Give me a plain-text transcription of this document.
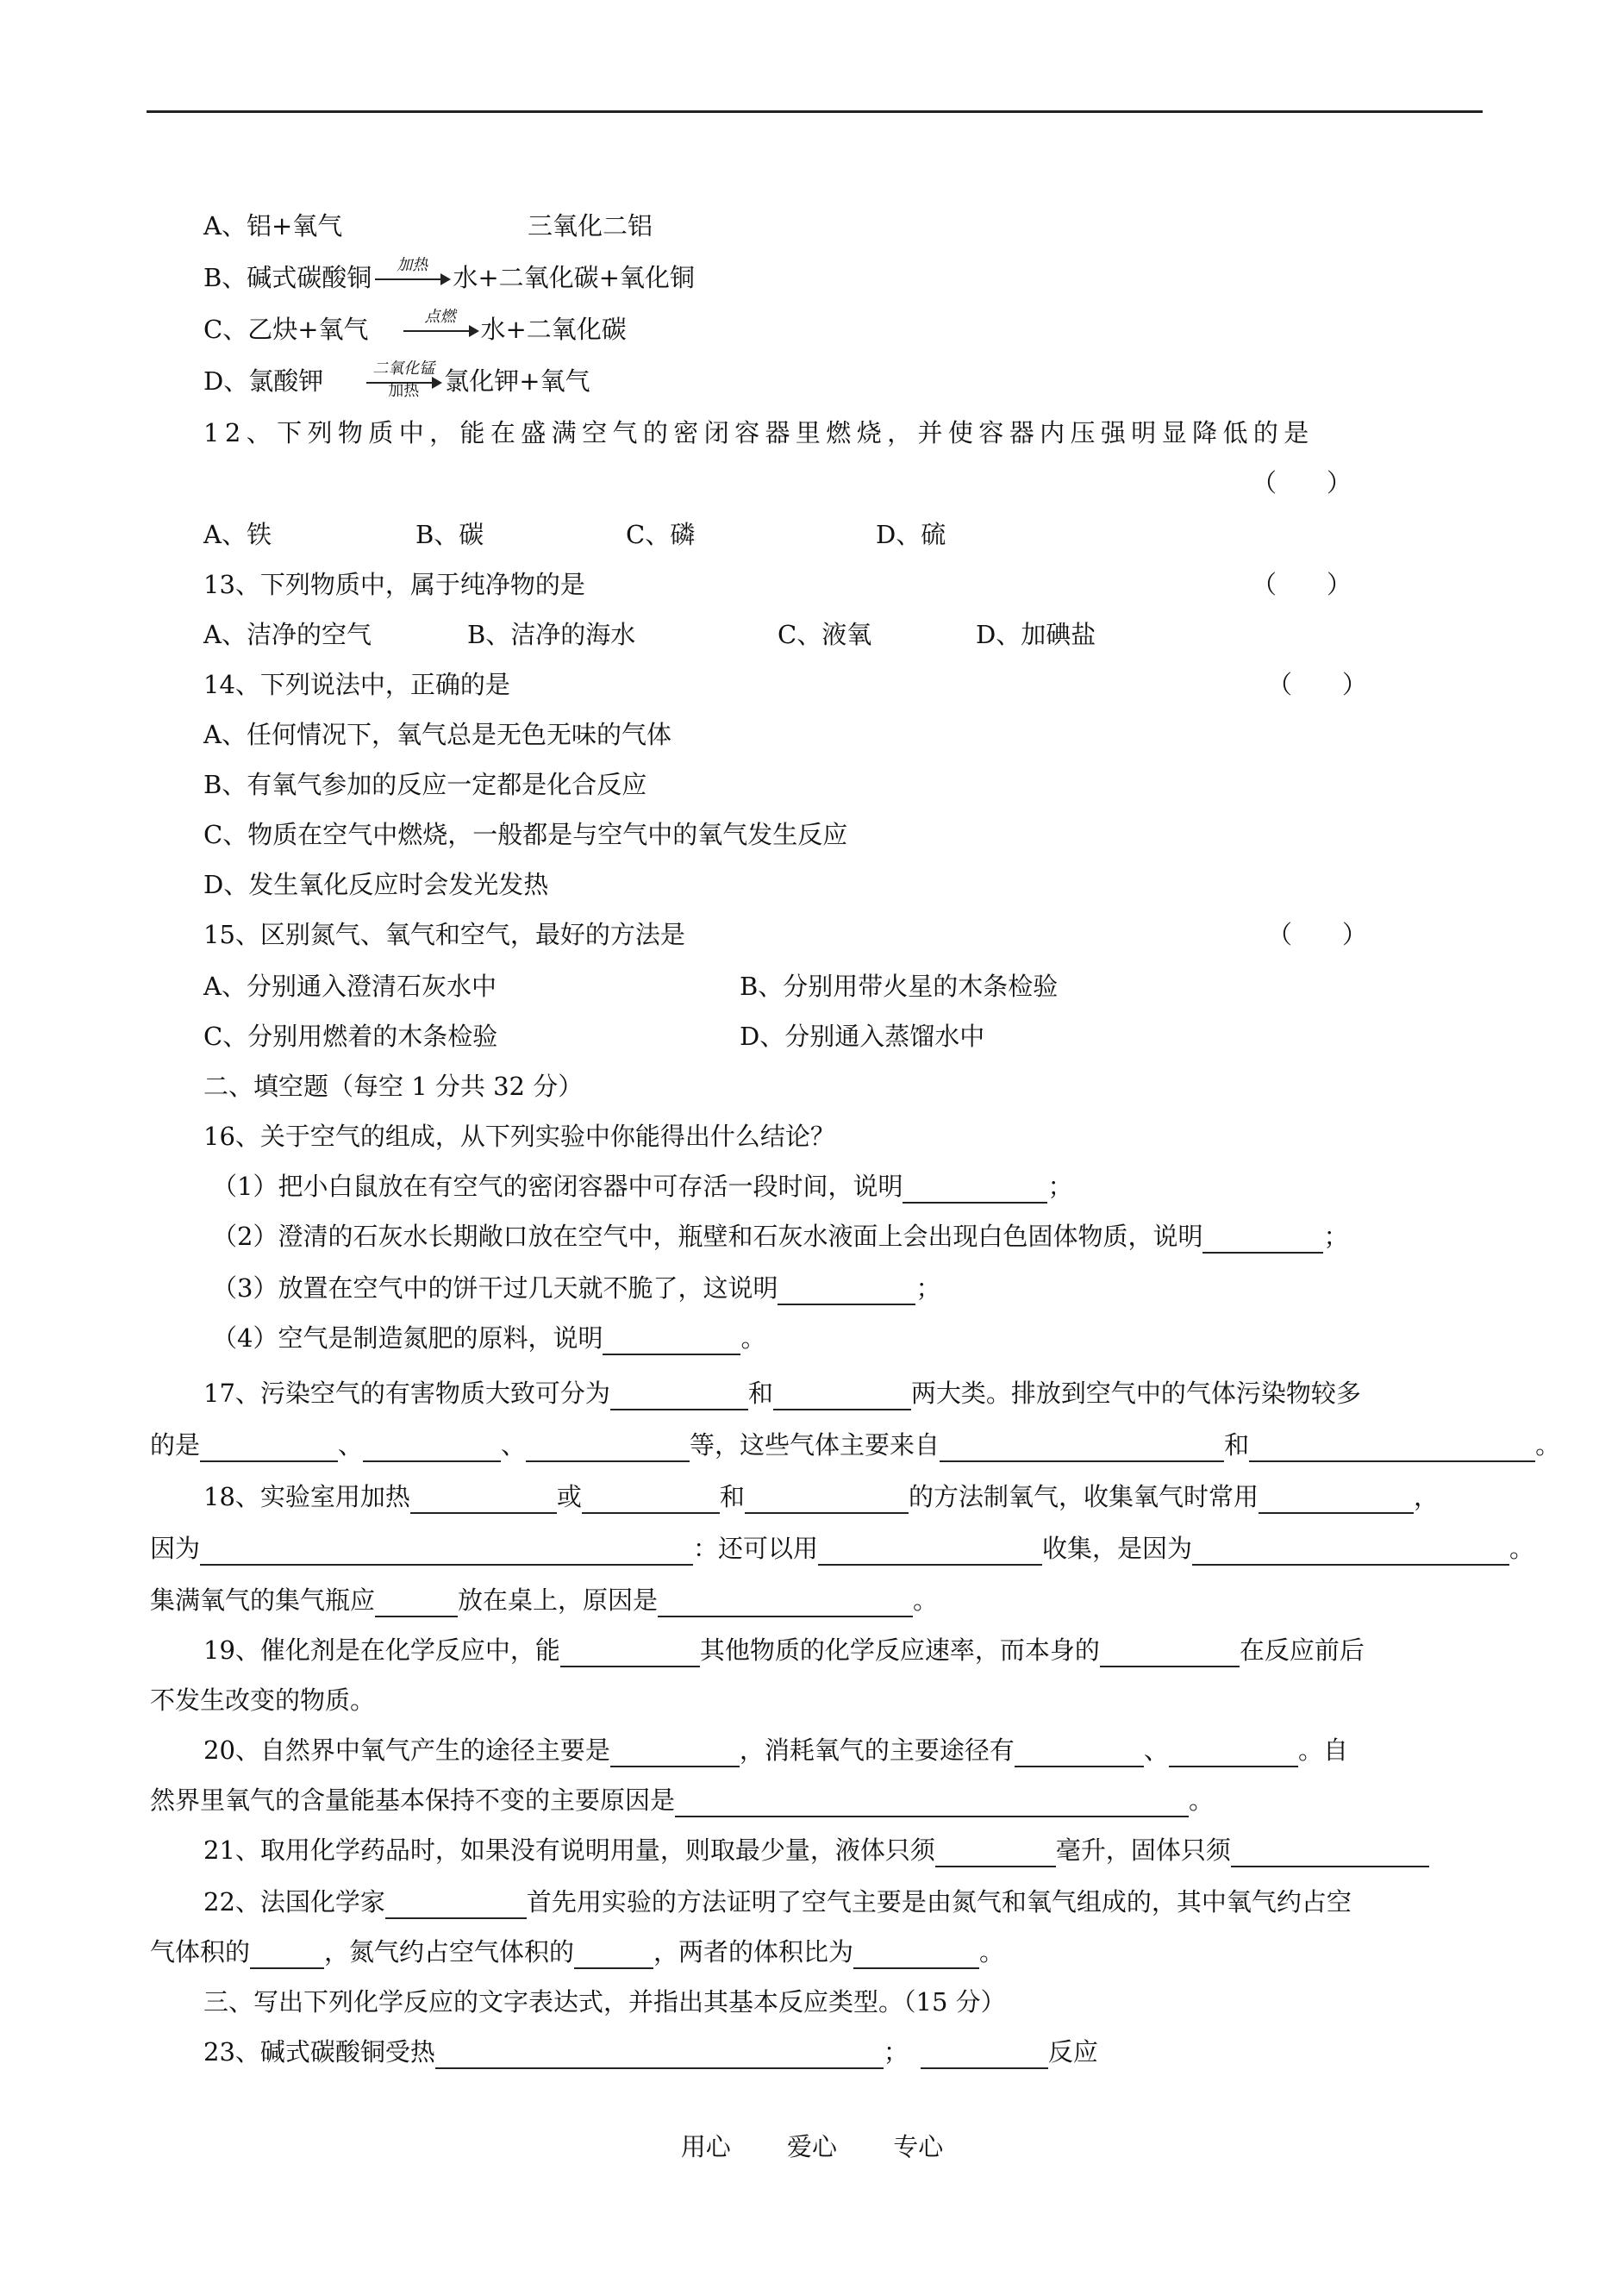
A、铝+氧气	三氧化二铝
B、碱式碳酸铜	加热	水+二氧化碳+氧化铜
C、乙炔+氧气	点燃	水+二氧化碳
D、氯酸钾	二氧化锰
加热	氯化钾+氧气
12、下列物质中，能在盛满空气的密闭容器里燃烧，并使容器内压强明显降低的是
（　　）
A、铁	B、碳	C、磷	D、硫
13、下列物质中，属于纯净物的是	（　　）
A、洁净的空气	B、洁净的海水	C、液氧	D、加碘盐
14、下列说法中，正确的是	（　　）
A、任何情况下，氧气总是无色无味的气体
B、有氧气参加的反应一定都是化合反应
C、物质在空气中燃烧，一般都是与空气中的氧气发生反应
D、发生氧化反应时会发光发热
15、区别氮气、氧气和空气，最好的方法是	（　　）
A、分别通入澄清石灰水中	B、分别用带火星的木条检验
C、分别用燃着的木条检验	D、分别通入蒸馏水中
二、填空题（每空 1 分共 32 分）
16、关于空气的组成，从下列实验中你能得出什么结论？
（1）把小白鼠放在有空气的密闭容器中可存活一段时间，说明	；
（2）澄清的石灰水长期敞口放在空气中，瓶壁和石灰水液面上会出现白色固体物质，说明	；
（3）放置在空气中的饼干过几天就不脆了，这说明	；
（4）空气是制造氮肥的原料，说明	。
17、污染空气的有害物质大致可分为	和	两大类。排放到空气中的气体污染物较多
的是	、	、	等，这些气体主要来自	和	。
18、实验室用加热	或	和	的方法制氧气，收集氧气时常用	，
因为	：还可以用	收集，是因为	。
集满氧气的集气瓶应	放在桌上，原因是	。
19、催化剂是在化学反应中，能	其他物质的化学反应速率，而本身的	在反应前后
不发生改变的物质。
20、自然界中氧气产生的途径主要是	，消耗氧气的主要途径有	、	。自
然界里氧气的含量能基本保持不变的主要原因是	。
21、取用化学药品时，如果没有说明用量，则取最少量，液体只须	毫升，固体只须
22、法国化学家	首先用实验的方法证明了空气主要是由氮气和氧气组成的，其中氧气约占空
气体积的	，氮气约占空气体积的	，两者的体积比为	。
三、写出下列化学反应的文字表达式，并指出其基本反应类型。（15 分）
23、碱式碳酸铜受热	；	反应
用心 爱心 专心
